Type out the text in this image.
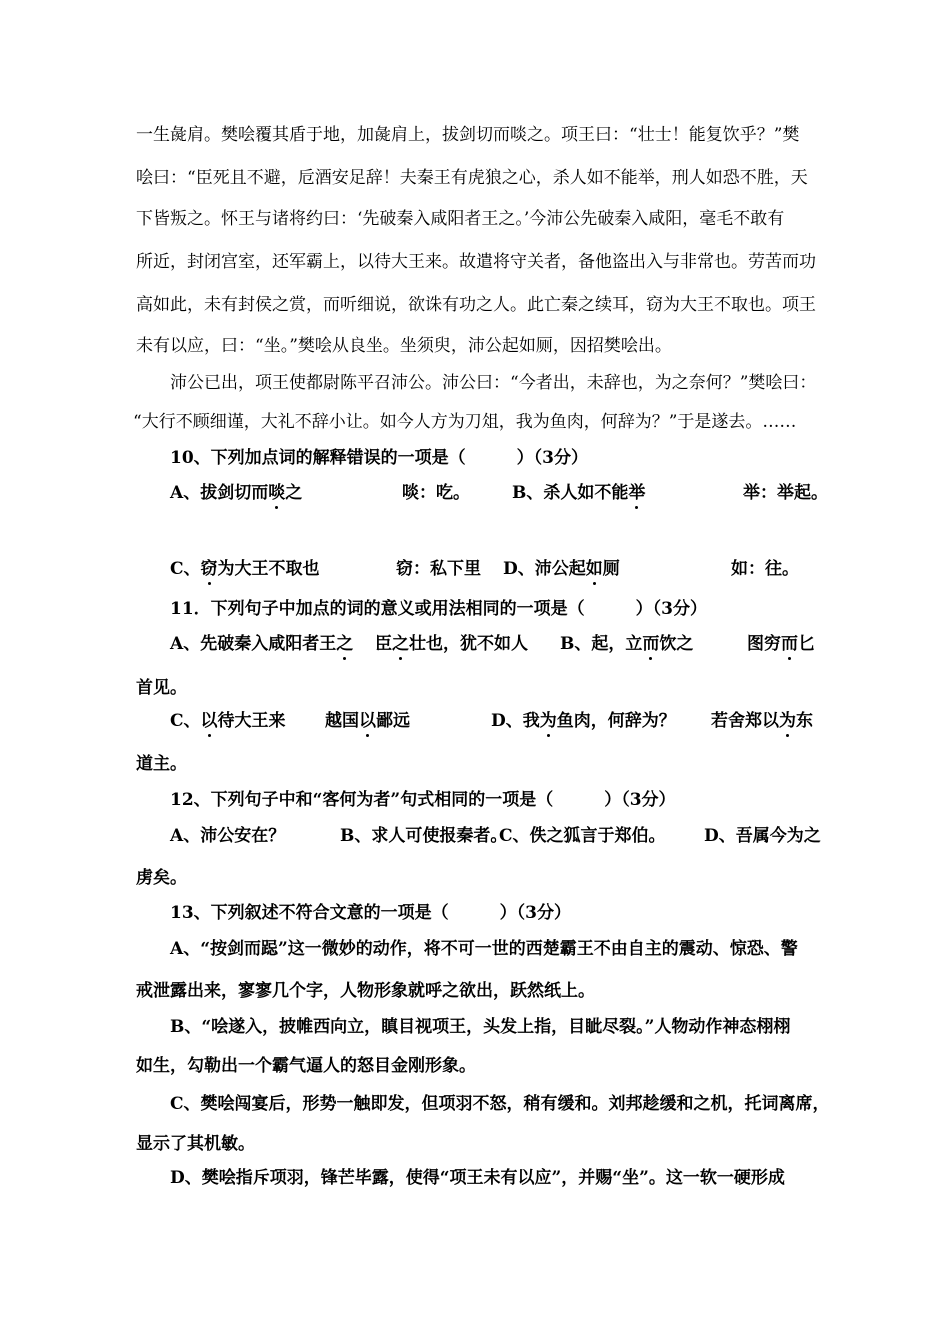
一生彘肩。樊哙覆其盾于地，加彘肩上，拔剑切而啖之。项王曰：“壮士！能复饮乎？”樊
哙曰：“臣死且不避，卮酒安足辞！夫秦王有虎狼之心，杀人如不能举，刑人如恐不胜，天
下皆叛之。怀王与诸将约曰：‘先破秦入咸阳者王之。’今沛公先破秦入咸阳，毫毛不敢有
所近，封闭宫室，还军霸上，以待大王来。故遣将守关者，备他盗出入与非常也。劳苦而功
高如此，未有封侯之赏，而听细说，欲诛有功之人。此亡秦之续耳，窃为大王不取也。项王
未有以应，曰：“坐。”樊哙从良坐。坐须臾，沛公起如厕，因招樊哙出。
沛公已出，项王使都尉陈平召沛公。沛公曰：“今者出，未辞也，为之奈何？”樊哙曰：
“大行不顾细谨，大礼不辞小让。如今人方为刀俎，我为鱼肉，何辞为？”于是遂去。……
10、下列加点词的解释错误的一项是（　　　）（3分）
A、拔剑切而啖之	啖：吃。 B、杀人如不能举	举：举起。
C、窃为大王不取也	窃：私下里 D、沛公起如厕	如：往。
11．下列句子中加点的词的意义或用法相同的一项是（　　　）（3分）
A、先破秦入咸阳者王之 臣之壮也，犹不如人 B、起，立而饮之	图穷而匕
首见。
C、以待大王来 越国以鄙远	D、我为鱼肉，何辞为？ 若舍郑以为东
道主。
12、下列句子中和“客何为者”句式相同的一项是（　　　）（3分）
A、沛公安在？	B、求人可使报秦者。
C、佚之狐言于郑伯。 D、吾属今为之
虏矣。
13、下列叙述不符合文意的一项是（　　　）（3分）
A、“按剑而跽”这一微妙的动作，将不可一世的西楚霸王不由自主的震动、惊恐、警
戒泄露出来，寥寥几个字，人物形象就呼之欲出，跃然纸上。
B、“哙遂入，披帷西向立，瞋目视项王，头发上指，目眦尽裂。”人物动作神态栩栩
如生，勾勒出一个霸气逼人的怒目金刚形象。
C、樊哙闯宴后，形势一触即发，但项羽不怒，稍有缓和。刘邦趁缓和之机，托词离席，
显示了其机敏。
D、樊哙指斥项羽，锋芒毕露，使得“项王未有以应”，并赐“坐”。这一软一硬形成
